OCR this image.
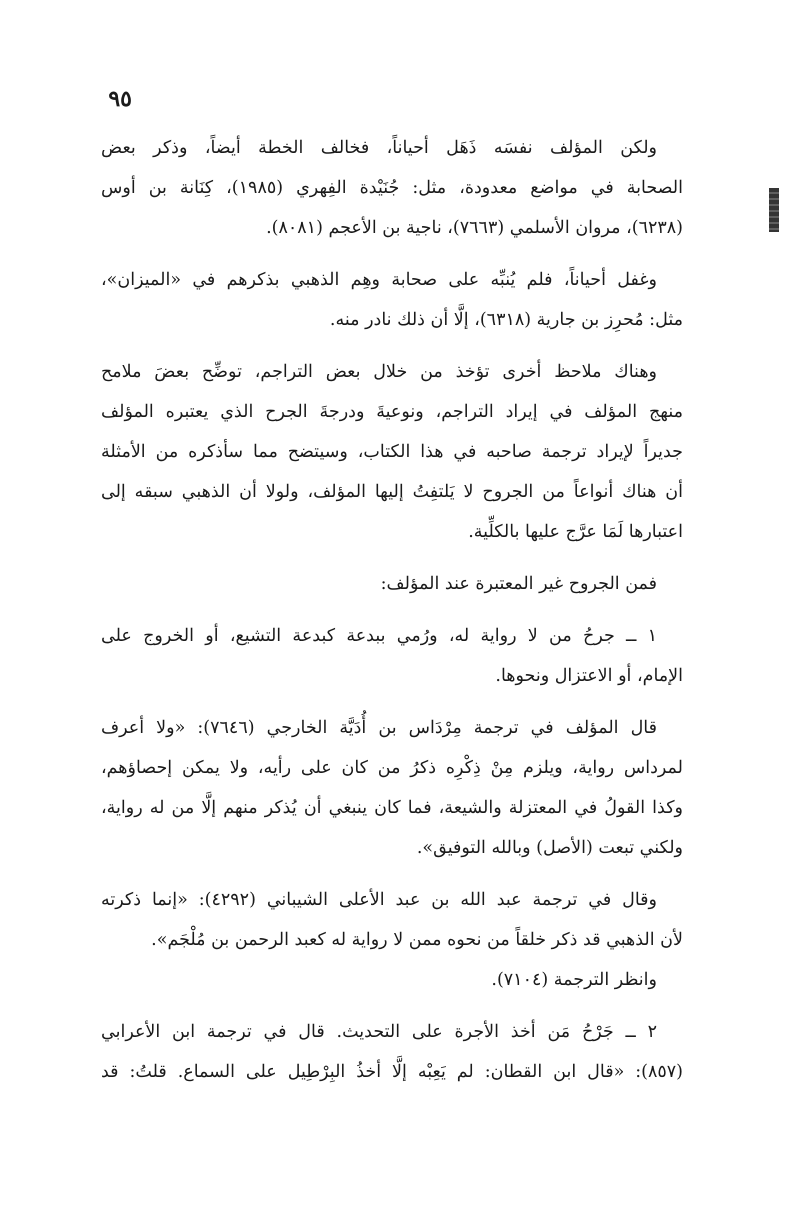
٩٥
ولكن المؤلف نفسَه ذَهَل أحياناً، فخالف الخطة أيضاً، وذكر بعض
الصحابة في مواضع معدودة، مثل: جُنَيْدة الفِهري (١٩٨٥)، كِنَانة بن أوس
(٦٢٣٨)، مروان الأسلمي (٧٦٦٣)، ناجية بن الأعجم (٨٠٨١).
وغفل أحياناً، فلم يُنبِّه على صحابة وهِم الذهبي بذكرهم في «الميزان»،
مثل: مُحرِز بن جارية (٦٣١٨)، إلَّا أن ذلك نادر منه.
وهناك ملاحظ أخرى تؤخذ من خلال بعض التراجم، توضِّح بعضَ ملامح
منهج المؤلف في إيراد التراجم، ونوعيةَ ودرجةَ الجرح الذي يعتبره المؤلف
جديراً لإيراد ترجمة صاحبه في هذا الكتاب، وسيتضح مما سأذكره من الأمثلة
أن هناك أنواعاً من الجروح لا يَلتفِتُ إليها المؤلف، ولولا أن الذهبي سبقه إلى
اعتبارها لَمَا عرَّج عليها بالكلِّية.
فمن الجروح غير المعتبرة عند المؤلف:
١ ــ جرحُ من لا رواية له، ورُمي ببدعة كبدعة التشيع، أو الخروج على
الإمام، أو الاعتزال ونحوها.
قال المؤلف في ترجمة مِرْدَاس بن أُدَيَّة الخارجي (٧٦٤٦): «ولا أعرف
لمرداس رواية، ويلزم مِنْ ذِكْرِه ذكرُ من كان على رأيه، ولا يمكن إحصاؤهم،
وكذا القولُ في المعتزلة والشيعة، فما كان ينبغي أن يُذكر منهم إلَّا من له رواية،
ولكني تبعت (الأصل) وبالله التوفيق».
وقال في ترجمة عبد الله بن عبد الأعلى الشيباني (٤٢٩٢): «إنما ذكرته
لأن الذهبي قد ذكر خلقاً من نحوه ممن لا رواية له كعبد الرحمن بن مُلْجَم».
وانظر الترجمة (٧١٠٤).
٢ ــ جَرْحُ مَن أخذ الأجرة على التحديث. قال في ترجمة ابن الأعرابي
(٨٥٧): «قال ابن القطان: لم يَعِبْه إلَّا أخذُ البِرْطِيل على السماع. قلتُ: قد
